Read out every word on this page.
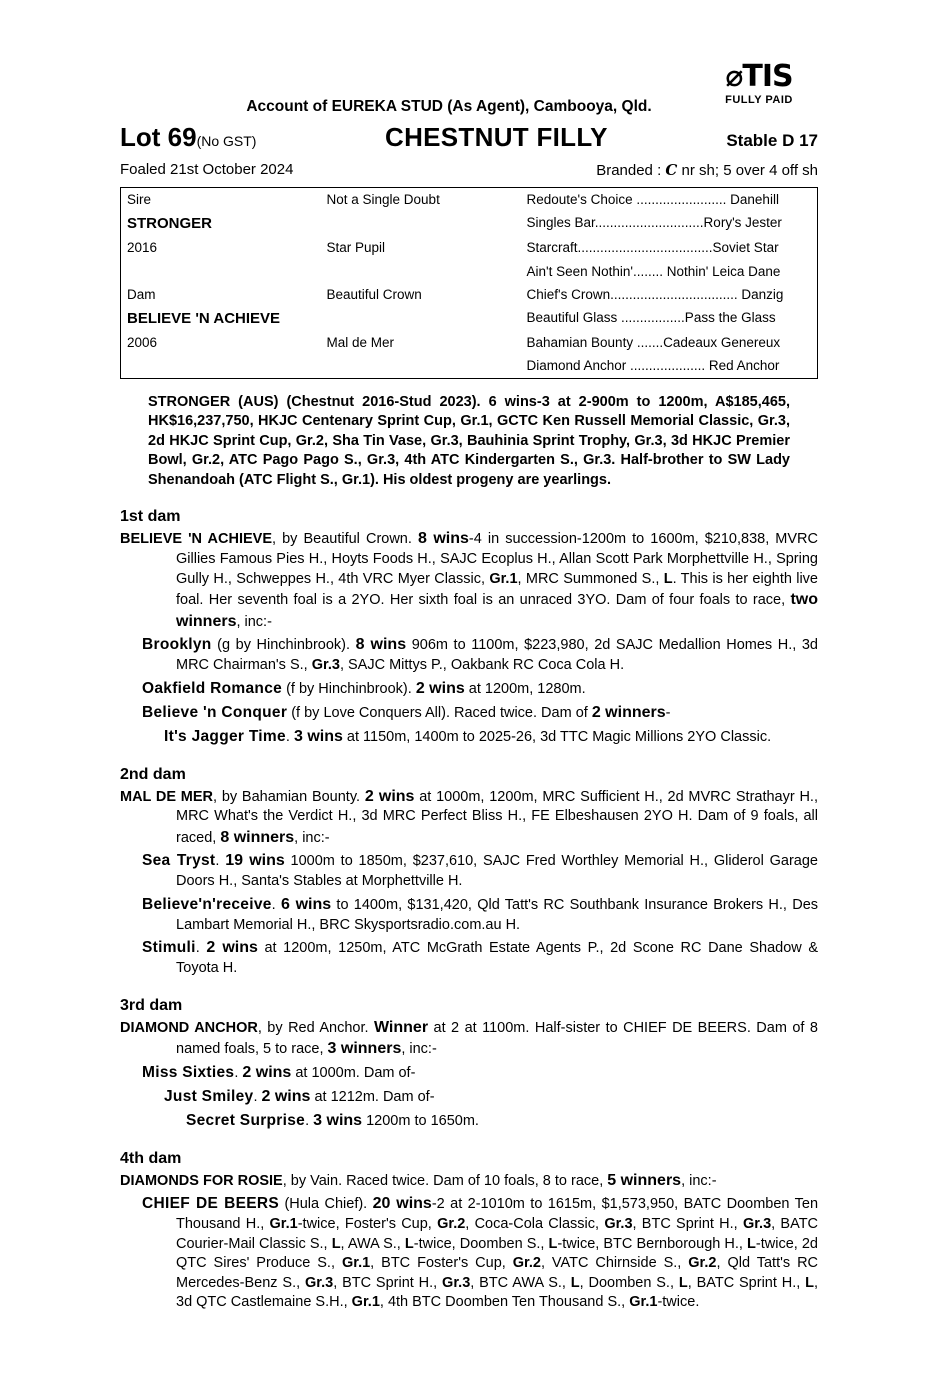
⌀TIS
FULLY PAID
Account of EUREKA STUD (As Agent), Cambooya, Qld.
Lot 69(No GST)	CHESTNUT FILLY	Stable D 17
Foaled 21st October 2024	Branded : C nr sh; 5 over 4 off sh
Sire	Not a Single Doubt	Redoute's Choice ........................ Danehill
STRONGER		Singles Bar.............................Rory's Jester
2016	Star Pupil	Starcraft....................................Soviet Star
		Ain't Seen Nothin'........ Nothin' Leica Dane
Dam	Beautiful Crown	Chief's Crown.................................. Danzig
BELIEVE 'N ACHIEVE		Beautiful Glass .................Pass the Glass
2006	Mal de Mer	Bahamian Bounty .......Cadeaux Genereux
		Diamond Anchor .................... Red Anchor
STRONGER (AUS) (Chestnut 2016-Stud 2023). 6 wins-3 at 2-900m to 1200m, A$185,465, HK$16,237,750, HKJC Centenary Sprint Cup, Gr.1, GCTC Ken Russell Memorial Classic, Gr.3, 2d HKJC Sprint Cup, Gr.2, Sha Tin Vase, Gr.3, Bauhinia Sprint Trophy, Gr.3, 3d HKJC Premier Bowl, Gr.2, ATC Pago Pago S., Gr.3, 4th ATC Kindergarten S., Gr.3. Half-brother to SW Lady Shenandoah (ATC Flight S., Gr.1). His oldest progeny are yearlings.
1st dam
BELIEVE 'N ACHIEVE, by Beautiful Crown. 8 wins-4 in succession-1200m to 1600m, $210,838, MVRC Gillies Famous Pies H., Hoyts Foods H., SAJC Ecoplus H., Allan Scott Park Morphettville H., Spring Gully H., Schweppes H., 4th VRC Myer Classic, Gr.1, MRC Summoned S., L. This is her eighth live foal. Her seventh foal is a 2YO. Her sixth foal is an unraced 3YO. Dam of four foals to race, two winners, inc:-
Brooklyn (g by Hinchinbrook). 8 wins 906m to 1100m, $223,980, 2d SAJC Medallion Homes H., 3d MRC Chairman's S., Gr.3, SAJC Mittys P., Oakbank RC Coca Cola H.
Oakfield Romance (f by Hinchinbrook). 2 wins at 1200m, 1280m.
Believe 'n Conquer (f by Love Conquers All). Raced twice. Dam of 2 winners-
It's Jagger Time. 3 wins at 1150m, 1400m to 2025-26, 3d TTC Magic Millions 2YO Classic.
2nd dam
MAL DE MER, by Bahamian Bounty. 2 wins at 1000m, 1200m, MRC Sufficient H., 2d MVRC Strathayr H., MRC What's the Verdict H., 3d MRC Perfect Bliss H., FE Elbeshausen 2YO H. Dam of 9 foals, all raced, 8 winners, inc:-
Sea Tryst. 19 wins 1000m to 1850m, $237,610, SAJC Fred Worthley Memorial H., Gliderol Garage Doors H., Santa's Stables at Morphettville H.
Believe'n'receive. 6 wins to 1400m, $131,420, Qld Tatt's RC Southbank Insurance Brokers H., Des Lambart Memorial H., BRC Skysportsradio.com.au H.
Stimuli. 2 wins at 1200m, 1250m, ATC McGrath Estate Agents P., 2d Scone RC Dane Shadow & Toyota H.
3rd dam
DIAMOND ANCHOR, by Red Anchor. Winner at 2 at 1100m. Half-sister to CHIEF DE BEERS. Dam of 8 named foals, 5 to race, 3 winners, inc:-
Miss Sixties. 2 wins at 1000m. Dam of-
Just Smiley. 2 wins at 1212m. Dam of-
Secret Surprise. 3 wins 1200m to 1650m.
4th dam
DIAMONDS FOR ROSIE, by Vain. Raced twice. Dam of 10 foals, 8 to race, 5 winners, inc:-
CHIEF DE BEERS (Hula Chief). 20 wins-2 at 2-1010m to 1615m, $1,573,950, BATC Doomben Ten Thousand H., Gr.1-twice, Foster's Cup, Gr.2, Coca-Cola Classic, Gr.3, BTC Sprint H., Gr.3, BATC Courier-Mail Classic S., L, AWA S., L-twice, Doomben S., L-twice, BTC Bernborough H., L-twice, 2d QTC Sires' Produce S., Gr.1, BTC Foster's Cup, Gr.2, VATC Chirnside S., Gr.2, Qld Tatt's RC Mercedes-Benz S., Gr.3, BTC Sprint H., Gr.3, BTC AWA S., L, Doomben S., L, BATC Sprint H., L, 3d QTC Castlemaine S.H., Gr.1, 4th BTC Doomben Ten Thousand S., Gr.1-twice.
